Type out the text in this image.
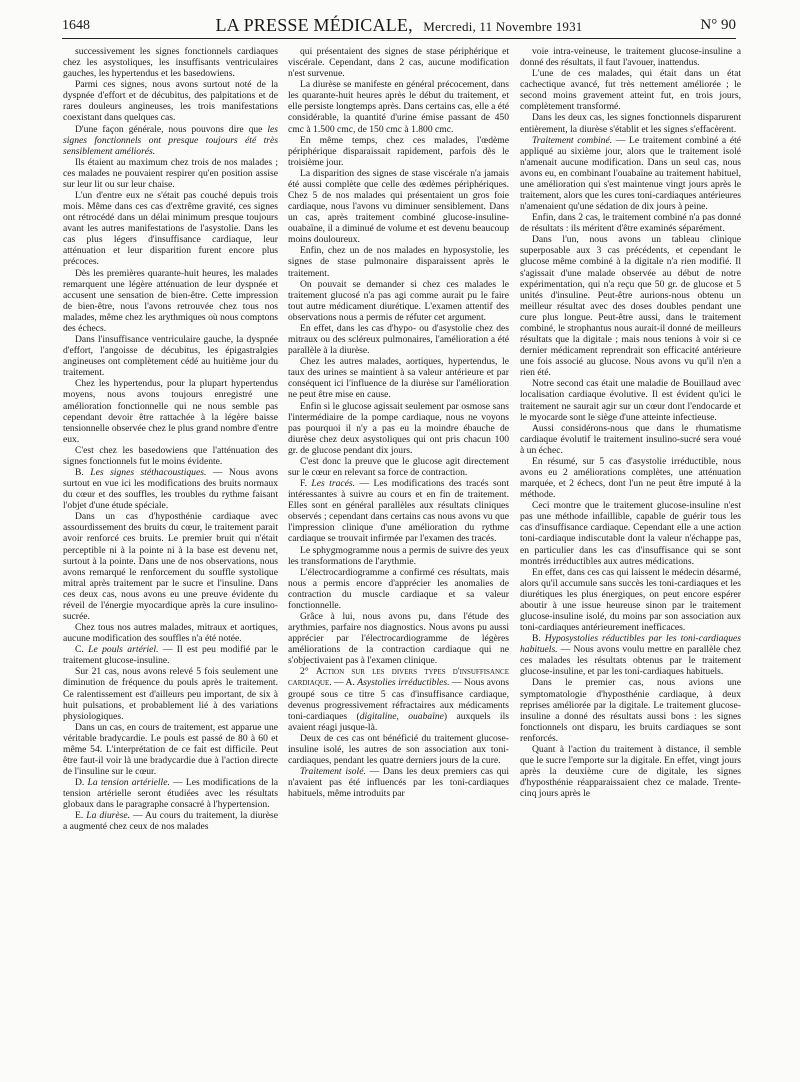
1648	LA PRESSE MÉDICALE, Mercredi, 11 Novembre 1931	N° 90

successivement les signes fonctionnels cardiaques chez les asystoliques, les insuffisants ventriculaires gauches, les hypertendus et les basedowiens.

Parmi ces signes, nous avons surtout noté de la dyspnée d'effort et de décubitus, des palpitations et de rares douleurs angineuses, les trois manifestations coexistant dans quelques cas.

D'une façon générale, nous pouvons dire que les signes fonctionnels ont presque toujours été très sensiblement améliorés.

Ils étaient au maximum chez trois de nos malades ; ces malades ne pouvaient respirer qu'en position assise sur leur lit ou sur leur chaise.

L'un d'entre eux ne s'était pas couché depuis trois mois. Même dans ces cas d'extrême gravité, ces signes ont rétrocédé dans un délai minimum presque toujours avant les autres manifestations de l'asystolie. Dans les cas plus légers d'insuffisance cardiaque, leur atténuation et leur disparition furent encore plus précoces.

Dès les premières quarante-huit heures, les malades remarquent une légère atténuation de leur dyspnée et accusent une sensation de bien-être. Cette impression de bien-être, nous l'avons retrouvée chez tous nos malades, même chez les arythmiques où nous comptons des échecs.

Dans l'insuffisance ventriculaire gauche, la dyspnée d'effort, l'angoisse de décubitus, les épigastralgies angineuses ont complètement cédé au huitième jour du traitement.

Chez les hypertendus, pour la plupart hypertendus moyens, nous avons toujours enregistré une amélioration fonctionnelle qui ne nous semble pas cependant devoir être rattachée à la légère baisse tensionnelle observée chez le plus grand nombre d'entre eux.

C'est chez les basedowiens que l'atténuation des signes fonctionnels fut le moins évidente.

B. Les signes stéthacoustiques. — Nous avons surtout en vue ici les modifications des bruits normaux du cœur et des souffles, les troubles du rythme faisant l'objet d'une étude spéciale.

Dans un cas d'hyposthénie cardiaque avec assourdissement des bruits du cœur, le traitement parait avoir renforcé ces bruits. Le premier bruit qui n'était perceptible ni à la pointe ni à la base est devenu net, surtout à la pointe. Dans une de nos observations, nous avons remarqué le renforcement du souffle systolique mitral après traitement par le sucre et l'insuline. Dans ces deux cas, nous avons eu une preuve évidente du réveil de l'énergie myocardique après la cure insulino-sucrée.

Chez tous nos autres malades, mitraux et aortiques, aucune modification des souffles n'a été notée.

C. Le pouls artériel. — Il est peu modifié par le traitement glucose-insuline.

Sur 21 cas, nous avons relevé 5 fois seulement une diminution de fréquence du pouls après le traitement. Ce ralentissement est d'ailleurs peu important, de six à huit pulsations, et probablement lié à des variations physiologiques.

Dans un cas, en cours de traitement, est apparue une véritable bradycardie. Le pouls est passé de 80 à 60 et même 54. L'interprétation de ce fait est difficile. Peut être faut-il voir là une bradycardie due à l'action directe de l'insuline sur le cœur.

D. La tension artérielle. — Les modifications de la tension artérielle seront étudiées avec les résultats globaux dans le paragraphe consacré à l'hypertension.

E. La diurèse. — Au cours du traitement, la diurèse a augmenté chez ceux de nos malades

qui présentaient des signes de stase périphérique et viscérale. Cependant, dans 2 cas, aucune modification n'est survenue.

La diurèse se manifeste en général précocement, dans les quarante-huit heures après le début du traitement, et elle persiste longtemps après. Dans certains cas, elle a été considérable, la quantité d'urine émise passant de 450 cmc à 1.500 cmc, de 150 cmc à 1.800 cmc.

En même temps, chez ces malades, l'œdème périphérique disparaissait rapidement, parfois dès le troisième jour.

La disparition des signes de stase viscérale n'a jamais été aussi complète que celle des œdèmes périphériques. Chez 5 de nos malades qui présentaient un gros foie cardiaque, nous l'avons vu diminuer sensiblement. Dans un cas, après traitement combiné glucose-insuline-ouabaïne, il a diminué de volume et est devenu beaucoup moins douloureux.

Enfin, chez un de nos malades en hyposystolie, les signes de stase pulmonaire disparaissent après le traitement.

On pouvait se demander si chez ces malades le traitement glucosé n'a pas agi comme aurait pu le faire tout autre médicament diurétique. L'examen attentif des observations nous a permis de réfuter cet argument.

En effet, dans les cas d'hypo- ou d'asystolie chez des mitraux ou des scléreux pulmonaires, l'amélioration a été parallèle à la diurèse.

Chez les autres malades, aortiques, hypertendus, le taux des urines se maintient à sa valeur antérieure et par conséquent ici l'influence de la diurèse sur l'amélioration ne peut être mise en cause.

Enfin si le glucose agissait seulement par osmose sans l'intermédiaire de la pompe cardiaque, nous ne voyons pas pourquoi il n'y a pas eu la moindre ébauche de diurèse chez deux asystoliques qui ont pris chacun 100 gr. de glucose pendant dix jours.

C'est donc la preuve que le glucose agit directement sur le cœur en relevant sa force de contraction.

F. Les tracés. — Les modifications des tracés sont intéressantes à suivre au cours et en fin de traitement. Elles sont en général parallèles aux résultats cliniques observés ; cependant dans certains cas nous avons vu que l'impression clinique d'une amélioration du rythme cardiaque se trouvait infirmée par l'examen des tracés.

Le sphygmogramme nous a permis de suivre des yeux les transformations de l'arythmie.

L'électrocardiogramme a confirmé ces résultats, mais nous a permis encore d'apprécier les anomalies de contraction du muscle cardiaque et sa valeur fonctionnelle.

Grâce à lui, nous avons pu, dans l'étude des arythmies, parfaire nos diagnostics. Nous avons pu aussi apprécier par l'électrocardiogramme de légères améliorations de la contraction cardiaque qui ne s'objectivaient pas à l'examen clinique.

2° Action sur les divers types d'insuffisance cardiaque. — A. Asystolies irréductibles. — Nous avons groupé sous ce titre 5 cas d'insuffisance cardiaque, devenus progressivement réfractaires aux médicaments toni-cardiaques (digitaline, ouabaïne) auxquels ils avaient réagi jusque-là.

Deux de ces cas ont bénéficié du traitement glucose-insuline isolé, les autres de son association aux toni-cardiaques, pendant les quatre derniers jours de la cure.

Traitement isolé. — Dans les deux premiers cas qui n'avaient pas été influencés par les toni-cardiaques habituels, même introduits par

voie intra-veineuse, le traitement glucose-insuline a donné des résultats, il faut l'avouer, inattendus.

L'une de ces malades, qui était dans un état cachectique avancé, fut très nettement améliorée ; le second moins gravement atteint fut, en trois jours, complètement transformé.

Dans les deux cas, les signes fonctionnels disparurent entièrement, la diurèse s'établit et les signes s'effacèrent.

Traitement combiné. — Le traitement combiné a été appliqué au sixième jour, alors que le traitement isolé n'amenait aucune modification. Dans un seul cas, nous avons eu, en combinant l'ouabaïne au traitement habituel, une amélioration qui s'est maintenue vingt jours après le traitement, alors que les cures toni-cardiaques antérieures n'amenaient qu'une sédation de dix jours à peine.

Enfin, dans 2 cas, le traitement combiné n'a pas donné de résultats : ils méritent d'être examinés séparément.

Dans l'un, nous avons un tableau clinique superposable aux 3 cas précédents, et cependant le glucose même combiné à la digitale n'a rien modifié. Il s'agissait d'une malade observée au début de notre expérimentation, qui n'a reçu que 50 gr. de glucose et 5 unités d'insuline. Peut-être aurions-nous obtenu un meilleur résultat avec des doses doubles pendant une cure plus longue. Peut-être aussi, dans le traitement combiné, le strophantus nous aurait-il donné de meilleurs résultats que la digitale ; mais nous tenions à voir si ce dernier médicament reprendrait son efficacité antérieure une fois associé au glucose. Nous avons vu qu'il n'en a rien été.

Notre second cas était une maladie de Bouillaud avec localisation cardiaque évolutive. Il est évident qu'ici le traitement ne saurait agir sur un cœur dont l'endocarde et le myocarde sont le siège d'une atteinte infectieuse.

Aussi considérons-nous que dans le rhumatisme cardiaque évolutif le traitement insulino-sucré sera voué à un échec.

En résumé, sur 5 cas d'asystolie irréductible, nous avons eu 2 améliorations complètes, une atténuation marquée, et 2 échecs, dont l'un ne peut être imputé à la méthode.

Ceci montre que le traitement glucose-insuline n'est pas une méthode infaillible, capable de guérir tous les cas d'insuffisance cardiaque. Cependant elle a une action toni-cardiaque indiscutable dont la valeur n'échappe pas, en particulier dans les cas d'insuffisance qui se sont montrés irréductibles aux autres médications.

En effet, dans ces cas qui laissent le médecin désarmé, alors qu'il accumule sans succès les toni-cardiaques et les diurétiques les plus énergiques, on peut encore espérer aboutir à une issue heureuse sinon par le traitement glucose-insuline isolé, du moins par son association aux toni-cardiaques antérieurement inefficaces.

B. Hyposystolies réductibles par les toni-cardiaques habituels. — Nous avons voulu mettre en parallèle chez ces malades les résultats obtenus par le traitement glucose-insuline, et par les toni-cardiaques habituels.

Dans le premier cas, nous avions une symptomatologie d'hyposthénie cardiaque, à deux reprises améliorée par la digitale. Le traitement glucose-insuline a donné des résultats aussi bons : les signes fonctionnels ont disparu, les bruits cardiaques se sont renforcés.

Quant à l'action du traitement à distance, il semble que le sucre l'emporte sur la digitale. En effet, vingt jours après la deuxième cure de digitale, les signes d'hyposthénie réapparaissaient chez ce malade. Trente-cinq jours après le
